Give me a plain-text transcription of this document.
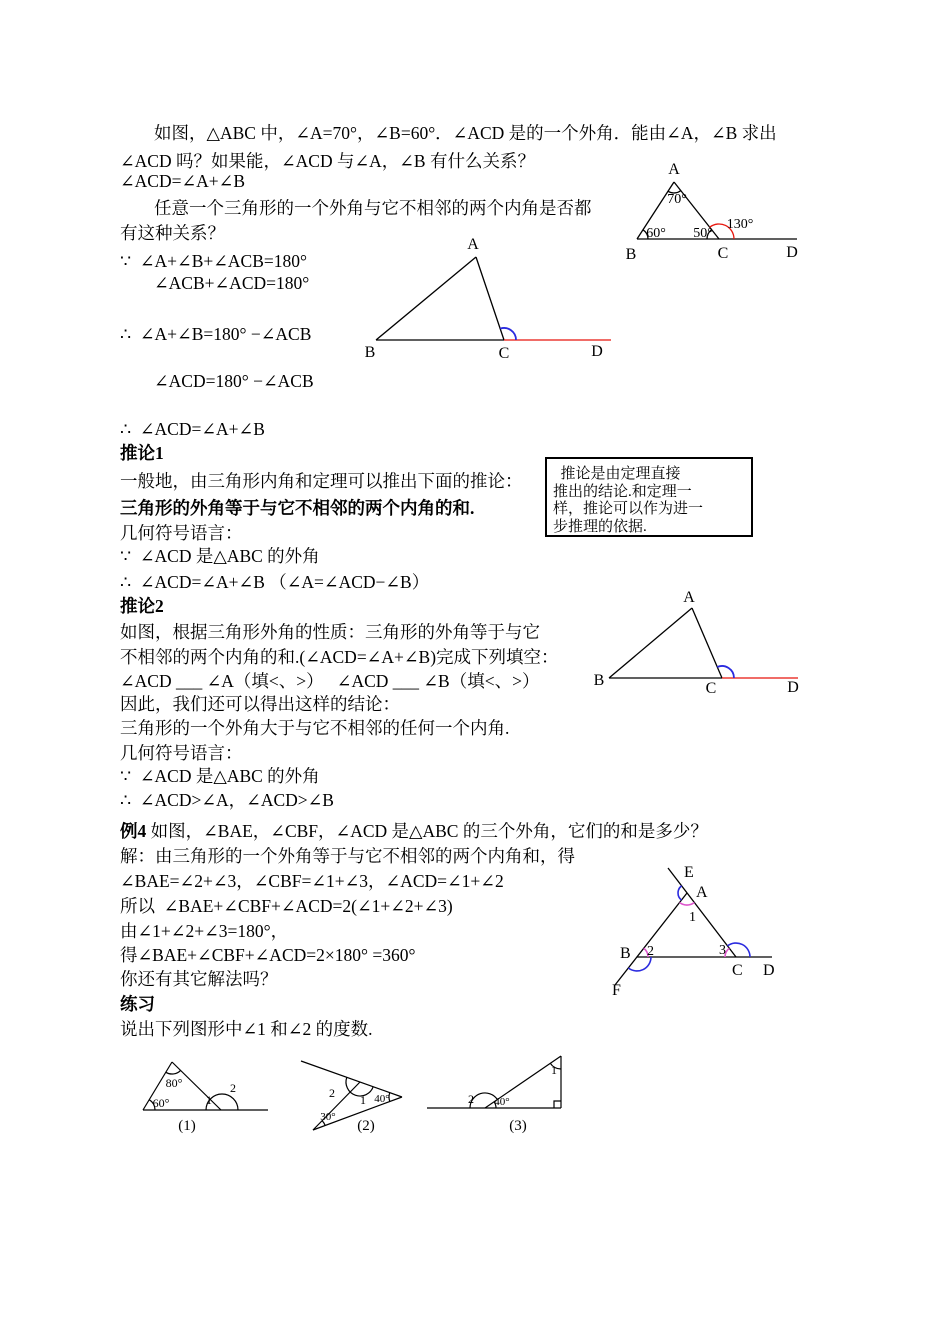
如图，△ABC 中，∠A=70°，∠B=60°．∠ACD 是的一个外角．能由∠A，∠B 求出
∠ACD 吗？如果能，∠ACD 与∠A，∠B 有什么关系？
∠ACD=∠A+∠B
任意一个三角形的一个外角与它不相邻的两个内角是否都
有这种关系？
∵  ∠A+∠B+∠ACB=180°
∠ACB+∠ACD=180°
∴  ∠A+∠B=180° −∠ACB
∠ACD=180° −∠ACB
∴  ∠ACD=∠A+∠B
推论1
一般地，由三角形内角和定理可以推出下面的推论：
三角形的外角等于与它不相邻的两个内角的和.
几何符号语言：
∵  ∠ACD 是△ABC 的外角
∴  ∠ACD=∠A+∠B （∠A=∠ACD−∠B）
推论2
如图，根据三角形外角的性质：三角形的外角等于与它
不相邻的两个内角的和.(∠ACD=∠A+∠B)完成下列填空：
∠ACD ___ ∠A（填<、>）   ∠ACD ___ ∠B（填<、>）
因此，我们还可以得出这样的结论：
三角形的一个外角大于与它不相邻的任何一个内角.
几何符号语言：
∵  ∠ACD 是△ABC 的外角
∴  ∠ACD>∠A，∠ACD>∠B
例4 如图，∠BAE，∠CBF，∠ACD 是△ABC 的三个外角，它们的和是多少？
解：由三角形的一个外角等于与它不相邻的两个内角和，得
∠BAE=∠2+∠3，∠CBF=∠1+∠3，∠ACD=∠1+∠2
所以  ∠BAE+∠CBF+∠ACD=2(∠1+∠2+∠3)
由∠1+∠2+∠3=180°，
得∠BAE+∠CBF+∠ACD=2×180° =360°
你还有其它解法吗？
练习
说出下列图形中∠1 和∠2 的度数.
推论是由定理直接
推出的结论.和定理一
样，推论可以作为进一
步推理的依据.
A
70°
B
60° 50°
130°
C	D
A
B	C	D
A
B	C	D
E
A
1
B 2	3
C D
F
80°
60°	1
2
(1)
2 1 40°
30°
(2)
1
2 40°
(3)
